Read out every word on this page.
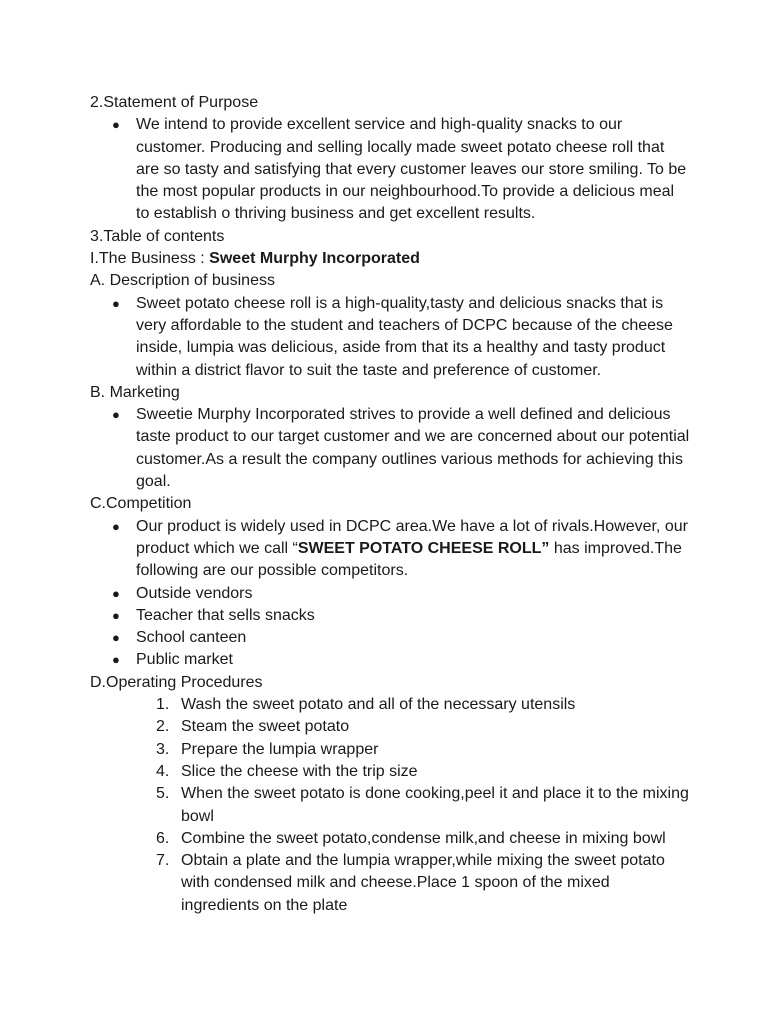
2.Statement of Purpose

● We intend to provide excellent service and high-quality snacks to our customer. Producing and selling locally made sweet potato cheese roll that are so tasty and satisfying that every customer leaves our store smiling. To be the most popular products in our neighbourhood.To provide a delicious meal to establish o thriving business and get excellent results.

3.Table of contents

I.The Business : Sweet Murphy Incorporated

A. Description of business

● Sweet potato cheese roll is a high-quality,tasty and delicious snacks that is very affordable to the student and teachers of DCPC because of the cheese inside, lumpia was delicious, aside from that its a healthy and tasty product within a district flavor to suit the taste and preference of customer.

B. Marketing

● Sweetie Murphy Incorporated strives to provide a well defined and delicious taste product to our target customer and we are concerned about our potential customer.As a result the company outlines various methods for achieving this goal.

C.Competition

● Our product is widely used in DCPC area.We have a lot of rivals.However, our product which we call “SWEET POTATO CHEESE ROLL” has improved.The following are our possible competitors.
● Outside vendors
● Teacher that sells snacks
● School canteen
● Public market

D.Operating Procedures

1. Wash the sweet potato and all of the necessary utensils
2. Steam the sweet potato
3. Prepare the lumpia wrapper
4. Slice the cheese with the trip size
5. When the sweet potato is done cooking,peel it and place it to the mixing bowl
6. Combine the sweet potato,condense milk,and cheese in mixing bowl
7. Obtain a plate and the lumpia wrapper,while mixing the sweet potato with condensed milk and cheese.Place 1 spoon of the mixed ingredients on the plate
